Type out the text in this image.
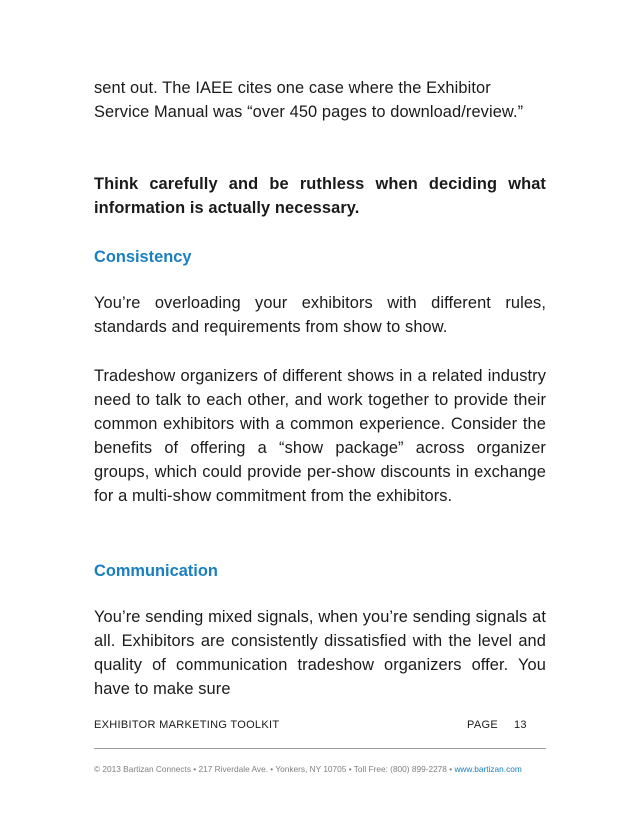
sent out. The IAEE cites one case where the Exhibitor Service Manual was “over 450 pages to download/review.”

Think carefully and be ruthless when deciding what information is actually necessary.

Consistency

You’re overloading your exhibitors with different rules, standards and requirements from show to show.

Tradeshow organizers of different shows in a related industry need to talk to each other, and work together to provide their common exhibitors with a common experience. Consider the benefits of offering a “show package” across organizer groups, which could provide per-show discounts in exchange for a multi-show commitment from the exhibitors.

Communication

You’re sending mixed signals, when you’re sending signals at all. Exhibitors are consistently dissatisfied with the level and quality of communication tradeshow organizers offer. You have to make sure

EXHIBITOR MARKETING TOOLKIT	PAGE 13
© 2013 Bartizan Connects • 217 Riverdale Ave. • Yonkers, NY 10705 • Toll Free: (800) 899-2278 • www.bartizan.com
